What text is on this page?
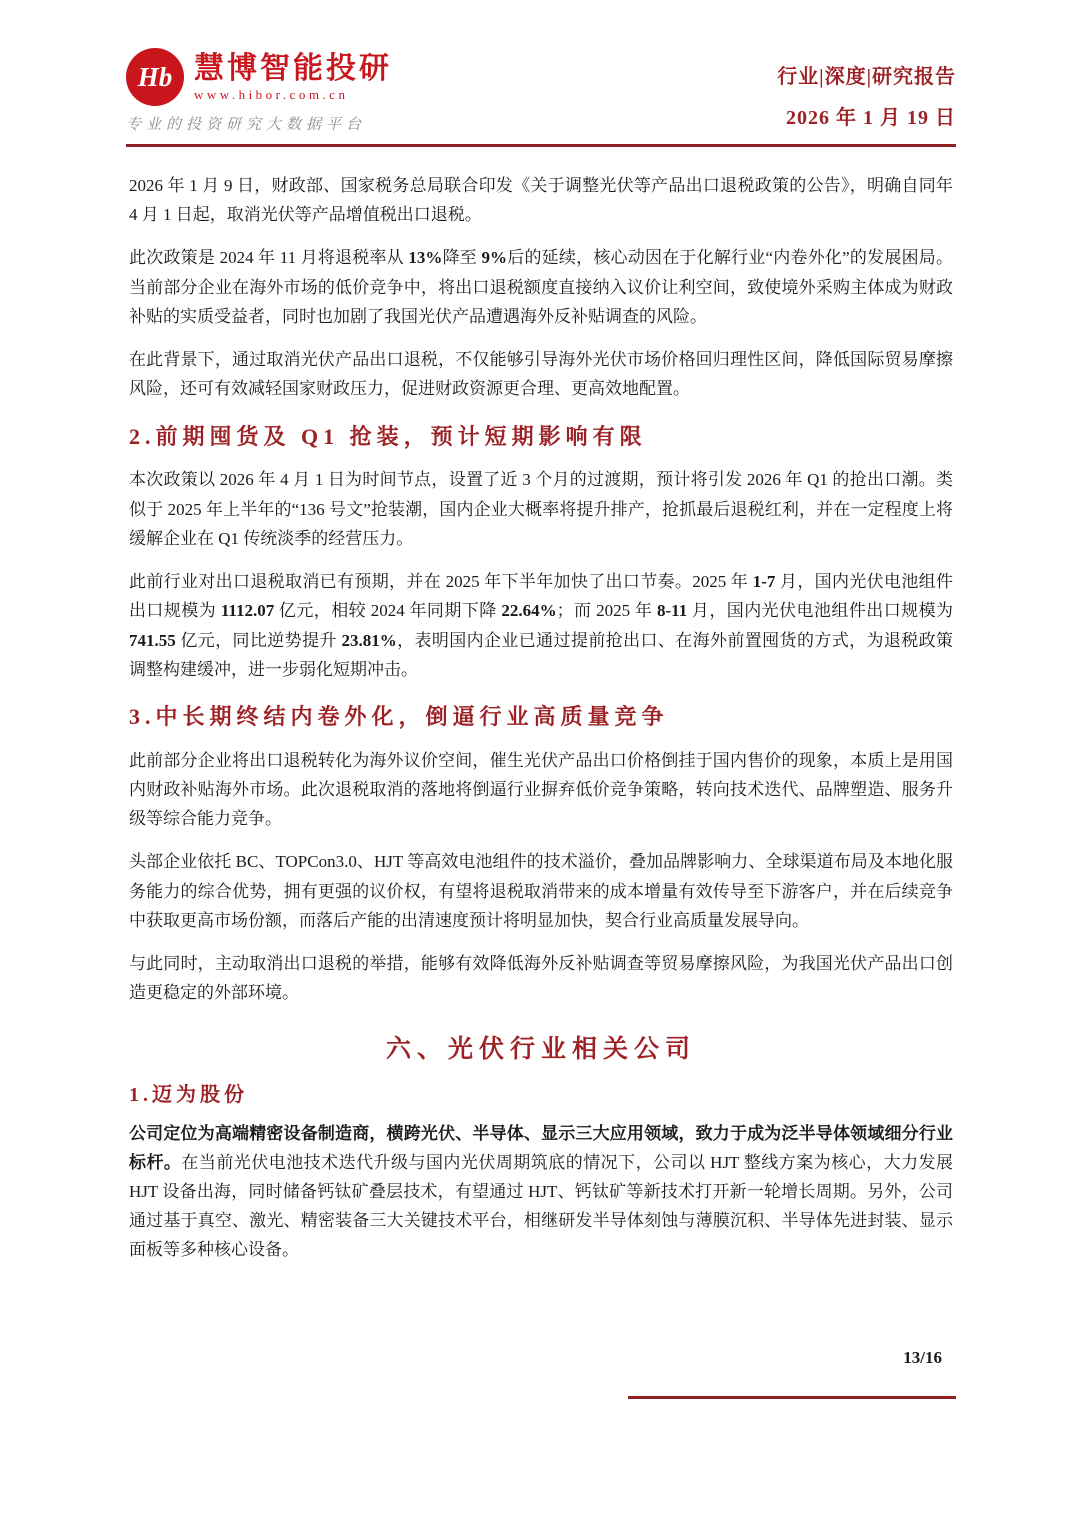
Hb 慧博智能投研
www.hibor.com.cn
专业的投资研究大数据平台
行业|深度|研究报告
2026 年 1 月 19 日

2026 年 1 月 9 日，财政部、国家税务总局联合印发《关于调整光伏等产品出口退税政策的公告》，明确自同年 4 月 1 日起，取消光伏等产品增值税出口退税。

此次政策是 2024 年 11 月将退税率从 13%降至 9%后的延续，核心动因在于化解行业“内卷外化”的发展困局。当前部分企业在海外市场的低价竞争中，将出口退税额度直接纳入议价让利空间，致使境外采购主体成为财政补贴的实质受益者，同时也加剧了我国光伏产品遭遇海外反补贴调查的风险。

在此背景下，通过取消光伏产品出口退税，不仅能够引导海外光伏市场价格回归理性区间，降低国际贸易摩擦风险，还可有效减轻国家财政压力，促进财政资源更合理、更高效地配置。

2.前期囤货及 Q1 抢装，预计短期影响有限

本次政策以 2026 年 4 月 1 日为时间节点，设置了近 3 个月的过渡期，预计将引发 2026 年 Q1 的抢出口潮。类似于 2025 年上半年的“136 号文”抢装潮，国内企业大概率将提升排产，抢抓最后退税红利，并在一定程度上将缓解企业在 Q1 传统淡季的经营压力。

此前行业对出口退税取消已有预期，并在 2025 年下半年加快了出口节奏。2025 年 1-7 月，国内光伏电池组件出口规模为 1112.07 亿元，相较 2024 年同期下降 22.64%；而 2025 年 8-11 月，国内光伏电池组件出口规模为 741.55 亿元，同比逆势提升 23.81%，表明国内企业已通过提前抢出口、在海外前置囤货的方式，为退税政策调整构建缓冲，进一步弱化短期冲击。

3.中长期终结内卷外化，倒逼行业高质量竞争

此前部分企业将出口退税转化为海外议价空间，催生光伏产品出口价格倒挂于国内售价的现象，本质上是用国内财政补贴海外市场。此次退税取消的落地将倒逼行业摒弃低价竞争策略，转向技术迭代、品牌塑造、服务升级等综合能力竞争。

头部企业依托 BC、TOPCon3.0、HJT 等高效电池组件的技术溢价，叠加品牌影响力、全球渠道布局及本地化服务能力的综合优势，拥有更强的议价权，有望将退税取消带来的成本增量有效传导至下游客户，并在后续竞争中获取更高市场份额，而落后产能的出清速度预计将明显加快，契合行业高质量发展导向。

与此同时，主动取消出口退税的举措，能够有效降低海外反补贴调查等贸易摩擦风险，为我国光伏产品出口创造更稳定的外部环境。

六、光伏行业相关公司
1.迈为股份

公司定位为高端精密设备制造商，横跨光伏、半导体、显示三大应用领域，致力于成为泛半导体领域细分行业标杆。在当前光伏电池技术迭代升级与国内光伏周期筑底的情况下，公司以 HJT 整线方案为核心，大力发展 HJT 设备出海，同时储备钙钛矿叠层技术，有望通过 HJT、钙钛矿等新技术打开新一轮增长周期。另外，公司通过基于真空、激光、精密装备三大关键技术平台，相继研发半导体刻蚀与薄膜沉积、半导体先进封装、显示面板等多种核心设备。

13/16
